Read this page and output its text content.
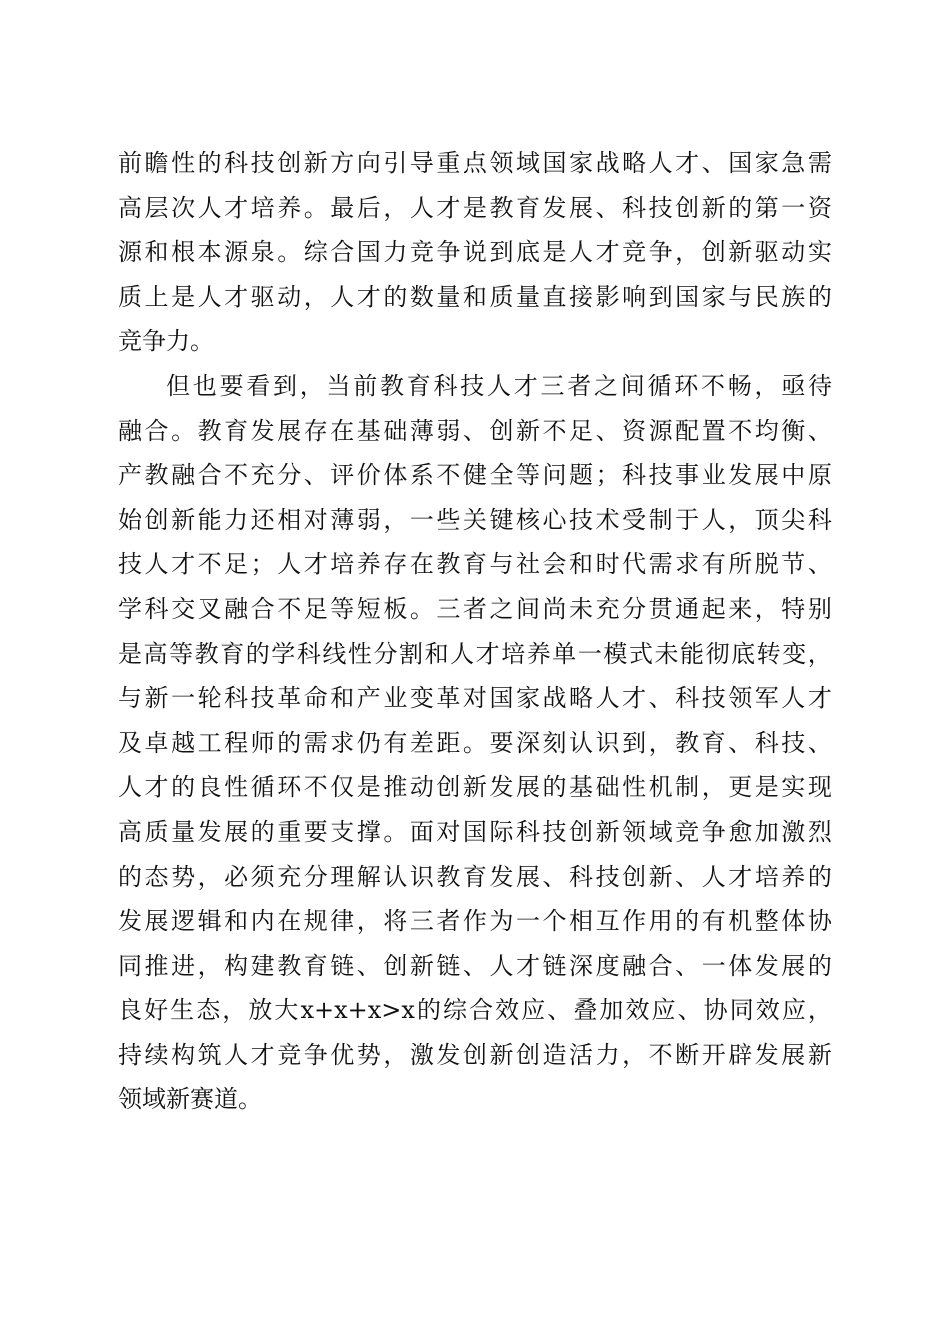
前 瞻 性 的 科 技 创 新 方 向 引 导 重 点 领 域 国 家 战 略 人 才 、 国 家 急 需
高 层 次 人 才 培 养 。 最 后 ， 人 才 是 教 育 发 展 、 科 技 创 新 的 第 一 资
源 和 根 本 源 泉 。 综 合 国 力 竞 争 说 到 底 是 人 才 竞 争 ， 创 新 驱 动 实
质 上 是 人 才 驱 动 ， 人 才 的 数 量 和 质 量 直 接 影 响 到 国 家 与 民 族 的
竞争力。
但 也 要 看 到 ， 当 前 教 育 科 技 人 才 三 者 之 间 循 环 不 畅 ， 亟 待
融 合 。 教 育 发 展 存 在 基 础 薄 弱 、 创 新 不 足 、 资 源 配 置 不 均 衡 、
产 教 融 合 不 充 分 、 评 价 体 系 不 健 全 等 问 题 ； 科 技 事 业 发 展 中 原
始 创 新 能 力 还 相 对 薄 弱 ， 一 些 关 键 核 心 技 术 受 制 于 人 ， 顶 尖 科
技 人 才 不 足 ； 人 才 培 养 存 在 教 育 与 社 会 和 时 代 需 求 有 所 脱 节 、
学 科 交 叉 融 合 不 足 等 短 板 。 三 者 之 间 尚 未 充 分 贯 通 起 来 ， 特 别
是 高 等 教 育 的 学 科 线 性 分 割 和 人 才 培 养 单 一 模 式 未 能 彻 底 转 变 ，
与 新 一 轮 科 技 革 命 和 产 业 变 革 对 国 家 战 略 人 才 、 科 技 领 军 人 才
及 卓 越 工 程 师 的 需 求 仍 有 差 距 。 要 深 刻 认 识 到 ， 教 育 、 科 技 、
人 才 的 良 性 循 环 不 仅 是 推 动 创 新 发 展 的 基 础 性 机 制 ， 更 是 实 现
高 质 量 发 展 的 重 要 支 撑 。 面 对 国 际 科 技 创 新 领 域 竞 争 愈 加 激 烈
的 态 势 ， 必 须 充 分 理 解 认 识 教 育 发 展 、 科 技 创 新 、 人 才 培 养 的
发 展 逻 辑 和 内 在 规 律 ， 将 三 者 作 为 一 个 相 互 作 用 的 有 机 整 体 协
同 推 进 ， 构 建 教 育 链 、 创 新 链 、 人 才 链 深 度 融 合 、 一 体 发 展 的
良 好 生 态 ， 放 大 x+x+x>x 的 综 合 效 应 、 叠 加 效 应 、 协 同 效 应 ，
持 续 构 筑 人 才 竞 争 优 势 ， 激 发 创 新 创 造 活 力 ， 不 断 开 辟 发 展 新
领域新赛道。
